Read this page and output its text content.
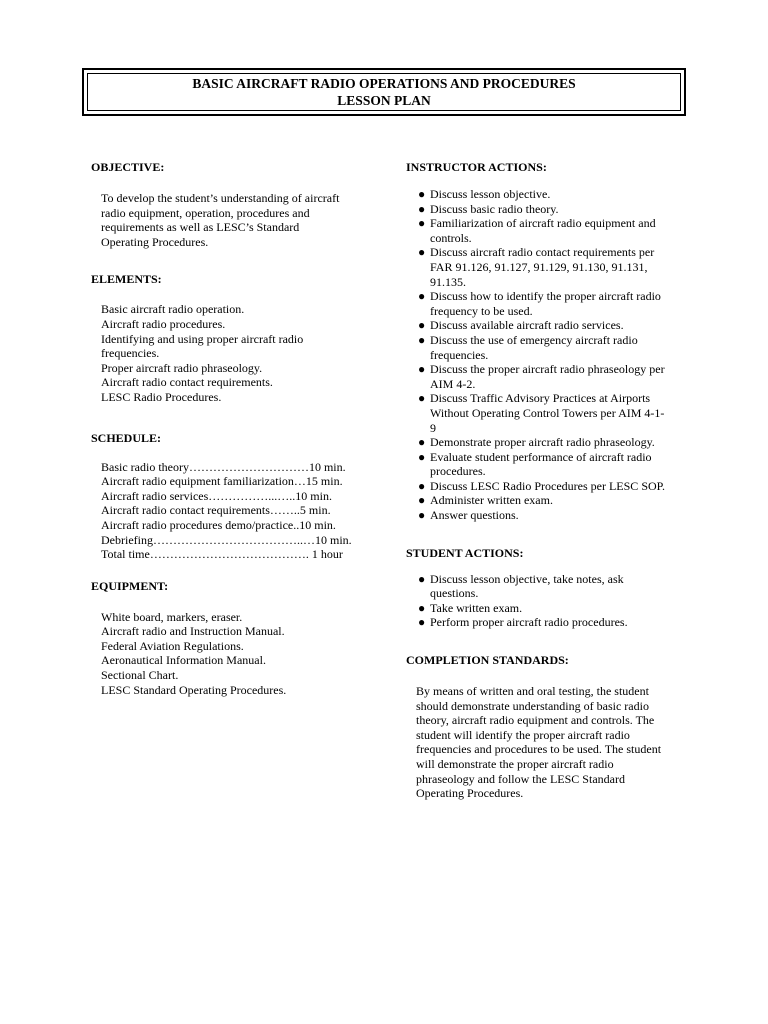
BASIC AIRCRAFT RADIO OPERATIONS AND PROCEDURES
LESSON PLAN
OBJECTIVE:
To develop the student’s understanding of aircraft
radio equipment, operation, procedures and
requirements as well as LESC’s Standard
Operating Procedures.
ELEMENTS:
Basic aircraft radio operation.
Aircraft radio procedures.
Identifying and using proper aircraft radio
frequencies.
Proper aircraft radio phraseology.
Aircraft radio contact requirements.
LESC Radio Procedures.
SCHEDULE:
Basic radio theory…………………………10 min.
Aircraft radio equipment familiarization…15 min.
Aircraft radio services……………...…..10 min.
Aircraft radio contact requirements……..5 min.
Aircraft radio procedures demo/practice..10 min.
Debriefing………………………………..…10 min.
Total time…………………………………. 1 hour
EQUIPMENT:
White board, markers, eraser.
Aircraft radio and Instruction Manual.
Federal Aviation Regulations.
Aeronautical Information Manual.
Sectional Chart.
LESC Standard Operating Procedures.
INSTRUCTOR ACTIONS:
● Discuss lesson objective.
● Discuss basic radio theory.
● Familiarization of aircraft radio equipment and
controls.
● Discuss aircraft radio contact requirements per
FAR 91.126, 91.127, 91.129, 91.130, 91.131,
91.135.
● Discuss how to identify the proper aircraft radio
frequency to be used.
● Discuss available aircraft radio services.
● Discuss the use of emergency aircraft radio
frequencies.
● Discuss the proper aircraft radio phraseology per
AIM 4-2.
● Discuss Traffic Advisory Practices at Airports
Without Operating Control Towers per AIM 4-1-
9
● Demonstrate proper aircraft radio phraseology.
● Evaluate student performance of aircraft radio
procedures.
● Discuss LESC Radio Procedures per LESC SOP.
● Administer written exam.
● Answer questions.
STUDENT ACTIONS:
● Discuss lesson objective, take notes, ask
questions.
● Take written exam.
● Perform proper aircraft radio procedures.
COMPLETION STANDARDS:
By means of written and oral testing, the student
should demonstrate understanding of basic radio
theory, aircraft radio equipment and controls. The
student will identify the proper aircraft radio
frequencies and procedures to be used. The student
will demonstrate the proper aircraft radio
phraseology and follow the LESC Standard
Operating Procedures.
